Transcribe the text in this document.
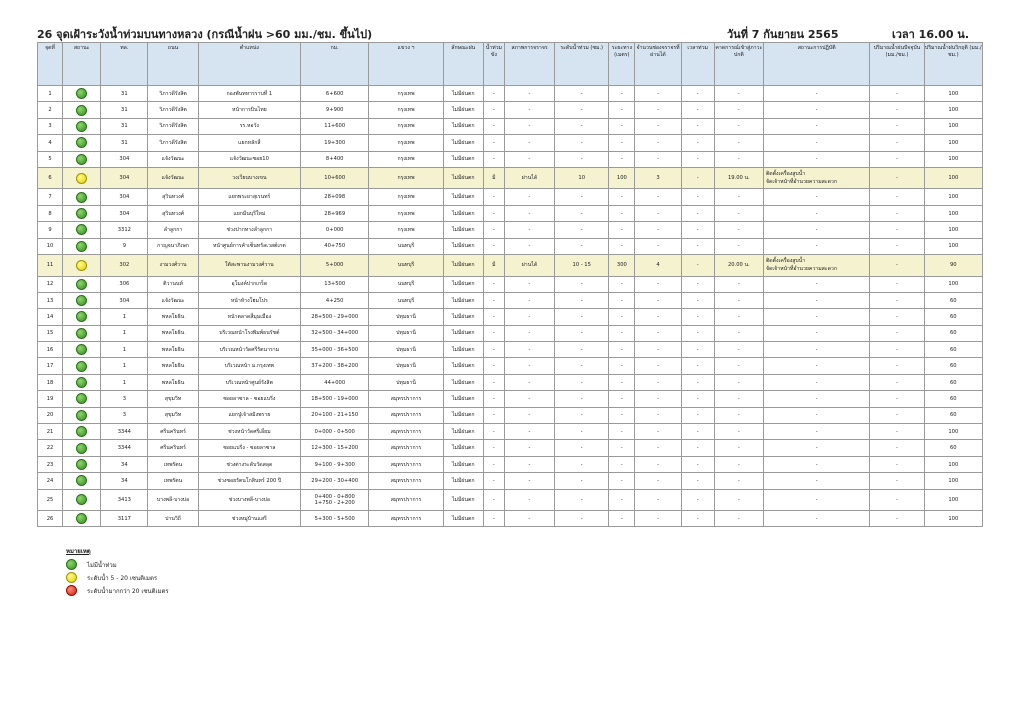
26 จุดเฝ้าระวังน้ำท่วมบนทางหลวง (กรณีน้ำฝน >60 มม./ชม. ขึ้นไป)	วันที่ 7 กันยายน 2565	เวลา 16.00 น.
จุดที่	สถานะ	ทล.	ถนน	ตำแหน่ง	กม.	แขวง ฯ	ลักษณะฝน	น้ำท่วมขัง	สภาพการจราจร	ระดับน้ำท่วม (ซม.)	ระยะทาง (เมตร)	จำนวนช่องจราจรที่ผ่านได้	เวลาท่วม	คาดการณ์เข้าสู่ภาวะปกติ	สถานะการปฏิบัติ	ปริมาณน้ำฝนปัจจุบัน (มม./ชม.)	ปริมาณน้ำฝนวิกฤติ (มม./ชม.)
1		31	วิภาวดีรังสิต	กองพันทหารราบที่ 1	6+600	กรุงเทพ	ไม่มีฝนตก	-	-	-	-	-	-	-	-	-	100
2		31	วิภาวดีรังสิต	หน้าการบินไทย	9+900	กรุงเทพ	ไม่มีฝนตก	-	-	-	-	-	-	-	-	-	100
3		31	วิภาวดีรังสิต	รร.หอวัง	11+600	กรุงเทพ	ไม่มีฝนตก	-	-	-	-	-	-	-	-	-	100
4		31	วิภาวดีรังสิต	แยกหลักสี่	19+300	กรุงเทพ	ไม่มีฝนตก	-	-	-	-	-	-	-	-	-	100
5		304	แจ้งวัฒนะ	แจ้งวัฒนะซอย10	8+400	กรุงเทพ	ไม่มีฝนตก	-	-	-	-	-	-	-	-	-	100
6		304	แจ้งวัฒนะ	วงเวียนบางเขน	10+600	กรุงเทพ	ไม่มีฝนตก	มี	ผ่านได้	10	100	3	-	19.00 น.	ติดตั้งเครื่องสูบน้ำ
จัดเจ้าหน้าที่อำนวยความสะดวก	-	100
7		304	สุวินทวงศ์	แยกพระยาสุเรนทร์	28+098	กรุงเทพ	ไม่มีฝนตก	-	-	-	-	-	-	-	-	-	100
8		304	สุวินทวงศ์	แยกมีนบุรีใหม่	28+969	กรุงเทพ	ไม่มีฝนตก	-	-	-	-	-	-	-	-	-	100
9		3312	ลำลูกกา	ช่วงปากทางลำลูกกา	0+000	กรุงเทพ	ไม่มีฝนตก	-	-	-	-	-	-	-	-	-	100
10		9	กาญจนาภิเษก	หน้าศูนย์การค้าเซ็นทรัลเวสต์เกต	40+750	นนทบุรี	ไม่มีฝนตก	-	-	-	-	-	-	-	-	-	100
11		302	งามวงศ์วาน	ใต้สะพานงามวงศ์วาน	5+000	นนทบุรี	ไม่มีฝนตก	มี	ผ่านได้	10 - 15	300	4	-	20.00 น.	ติดตั้งเครื่องสูบน้ำ
จัดเจ้าหน้าที่อำนวยความสะดวก	-	90
12		306	ติวานนท์	อุโมงค์ปากเกร็ด	13+500	นนทบุรี	ไม่มีฝนตก	-	-	-	-	-	-	-	-	-	100
13		304	แจ้งวัฒนะ	หน้าห้างโฮมโปร	4+250	นนทบุรี	ไม่มีฝนตก	-	-	-	-	-	-	-	-	-	60
14		1	พหลโยธิน	หน้าตลาดสี่มุมเมือง	28+500 - 29+000	ปทุมธานี	ไม่มีฝนตก	-	-	-	-	-	-	-	-	-	60
15		1	พหลโยธิน	บริเวณหน้าโรงพิมพ์ธนรัชต์	32+500 - 34+000	ปทุมธานี	ไม่มีฝนตก	-	-	-	-	-	-	-	-	-	60
16		1	พหลโยธิน	บริเวณหน้าวัดศรีรัตนาราม	35+000 - 36+500	ปทุมธานี	ไม่มีฝนตก	-	-	-	-	-	-	-	-	-	60
17		1	พหลโยธิน	บริเวณหน้า ม.กรุงเทพ	37+200 - 38+200	ปทุมธานี	ไม่มีฝนตก	-	-	-	-	-	-	-	-	-	60
18		1	พหลโยธิน	บริเวณหน้าศูนย์รังสิต	44+000	ปทุมธานี	ไม่มีฝนตก	-	-	-	-	-	-	-	-	-	60
19		3	สุขุมวิท	ซอยลาซาล - ซอยแบริ่ง	18+500 - 19+000	สมุทรปราการ	ไม่มีฝนตก	-	-	-	-	-	-	-	-	-	60
20		3	สุขุมวิท	แยกปู่เจ้าสมิงพราย	20+100 - 21+150	สมุทรปราการ	ไม่มีฝนตก	-	-	-	-	-	-	-	-	-	60
21		3344	ศรีนครินทร์	ช่วงหน้าวัดศรีเอี่ยม	0+000 - 0+500	สมุทรปราการ	ไม่มีฝนตก	-	-	-	-	-	-	-	-	-	100
22		3344	ศรีนครินทร์	ซอยแบริ่ง - ซอยลาซาล	12+300 - 15+200	สมุทรปราการ	ไม่มีฝนตก	-	-	-	-	-	-	-	-	-	60
23		34	เทพรัตน	ช่วงต่างระดับวัดสลุด	9+100 - 9+300	สมุทรปราการ	ไม่มีฝนตก	-	-	-	-	-	-	-	-	-	100
24		34	เทพรัตน	ช่วงซอยรัตนโกสินทร์ 200 ปี	29+200 - 30+400	สมุทรปราการ	ไม่มีฝนตก	-	-	-	-	-	-	-	-	-	100
25		3413	บางพลี-บางบ่อ	ช่วงบางพลี-บางบ่อ	0+400 - 0+800
1+750 - 2+200	สมุทรปราการ	ไม่มีฝนตก	-	-	-	-	-	-	-	-	-	100
26		3117	ปานวิถี	ช่วงหมู่บ้านแสรี	5+300 - 5+500	สมุทรปราการ	ไม่มีฝนตก	-	-	-	-	-	-	-	-	-	100
หมายเหตุ
ไม่มีน้ำท่วม
ระดับน้ำ 5 - 20 เซนติเมตร
ระดับน้ำมากกว่า 20 เซนติเมตร
